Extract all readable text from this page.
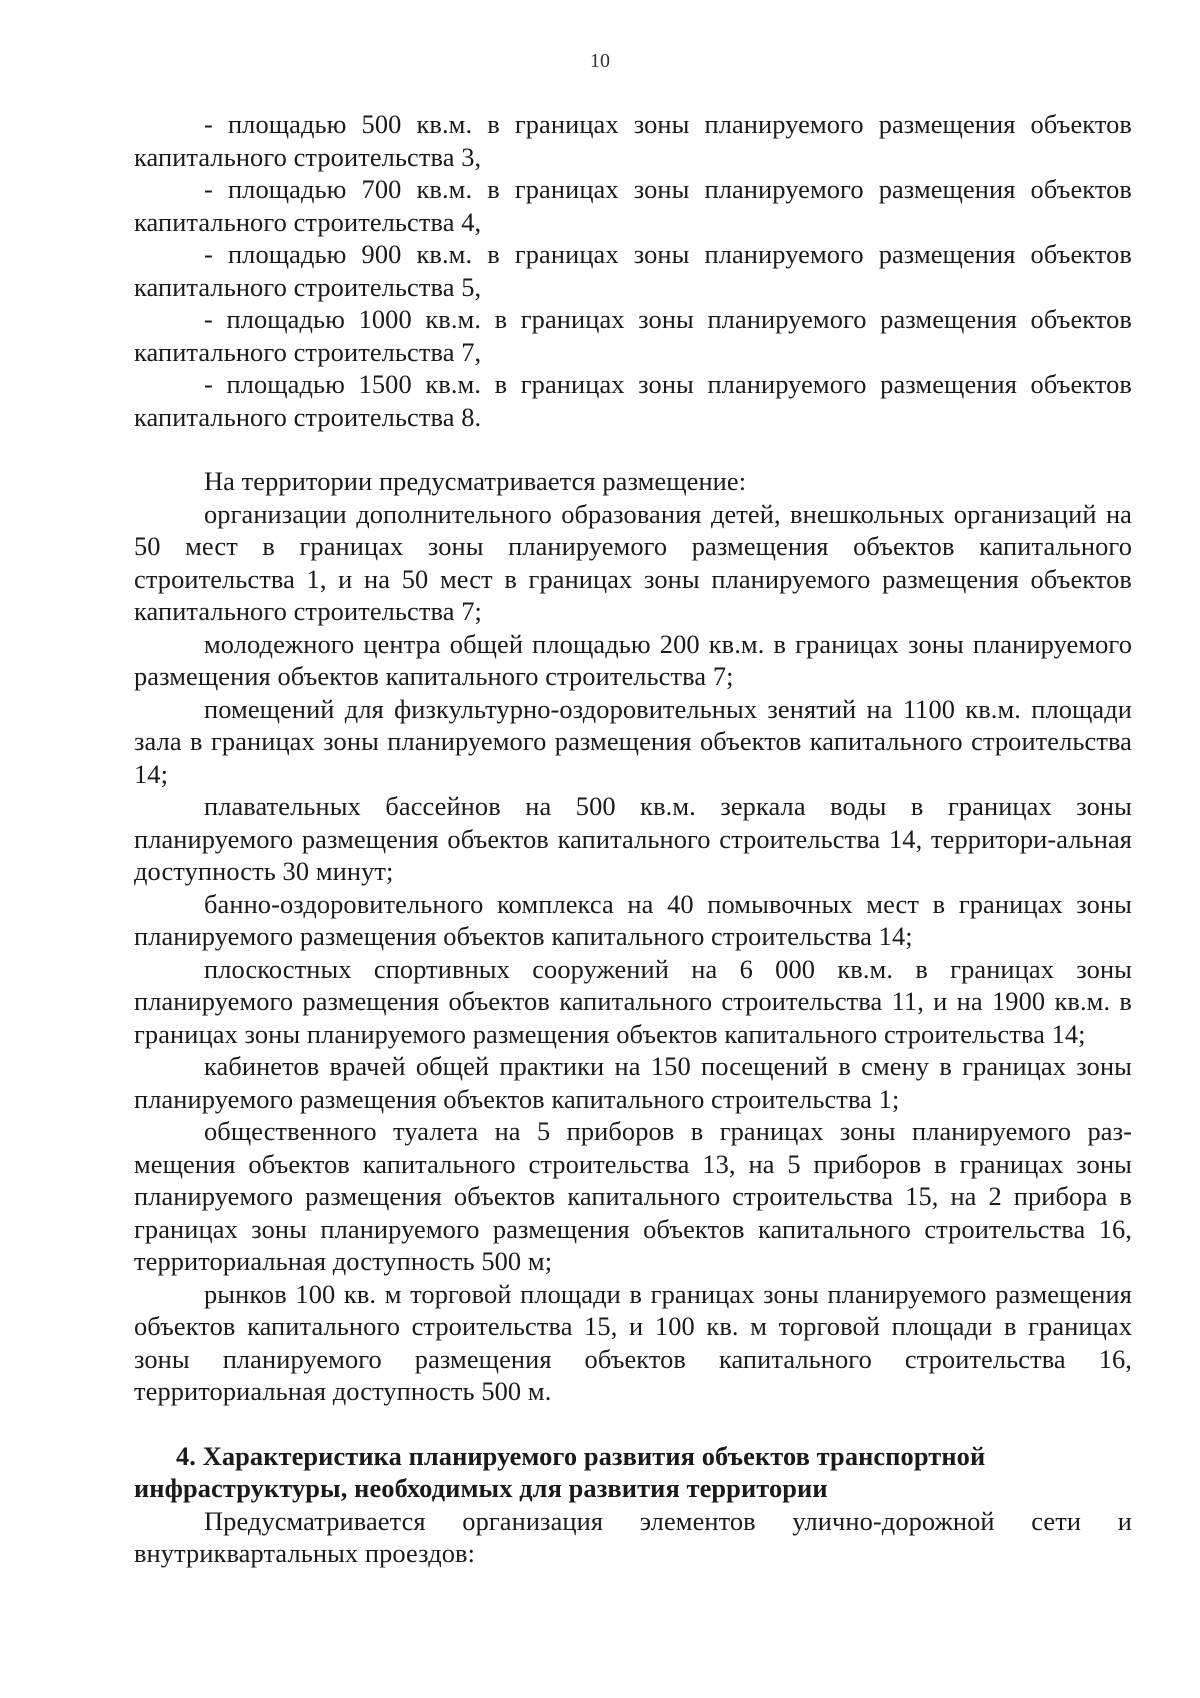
10

- площадью 500 кв.м. в границах зоны планируемого размещения объектов капитального строительства 3,

- площадью 700 кв.м. в границах зоны планируемого размещения объектов капитального строительства 4,

- площадью 900 кв.м. в границах зоны планируемого размещения объектов капитального строительства 5,

- площадью 1000 кв.м. в границах зоны планируемого размещения объектов капитального строительства 7,

- площадью 1500 кв.м. в границах зоны планируемого размещения объектов капитального строительства 8.

На территории предусматривается размещение:

организации дополнительного образования детей, внешкольных организаций на 50 мест в границах зоны планируемого размещения объектов капитального строительства 1, и на 50 мест в границах зоны планируемого размещения объектов капитального строительства 7;

молодежного центра общей площадью 200 кв.м. в границах зоны планируемого размещения объектов капитального строительства 7;

помещений для физкультурно-оздоровительных зенятий на 1100 кв.м. площади зала в границах зоны планируемого размещения объектов капитального строительства 14;

плавательных бассейнов на 500 кв.м. зеркала воды в границах зоны планируемого размещения объектов капитального строительства 14, территори-альная доступность 30 минут;

банно-оздоровительного комплекса на 40 помывочных мест в границах зоны планируемого размещения объектов капитального строительства 14;

плоскостных спортивных сооружений на 6 000 кв.м. в границах зоны планируемого размещения объектов капитального строительства 11, и на 1900 кв.м. в границах зоны планируемого размещения объектов капитального строительства 14;

кабинетов врачей общей практики на 150 посещений в смену в границах зоны планируемого размещения объектов капитального строительства 1;

общественного туалета на 5 приборов в границах зоны планируемого раз-мещения объектов капитального строительства 13, на 5 приборов в границах зоны планируемого размещения объектов капитального строительства 15, на 2 прибора в границах зоны планируемого размещения объектов капитального строительства 16, территориальная доступность 500 м;

рынков 100 кв. м торговой площади в границах зоны планируемого размещения объектов капитального строительства 15, и 100 кв. м торговой площади в границах зоны планируемого размещения объектов капитального строительства 16, территориальная доступность 500 м.

4. Характеристика планируемого развития объектов транспортной инфраструктуры, необходимых для развития территории

Предусматривается организация элементов улично-дорожной сети и внутриквартальных проездов:
